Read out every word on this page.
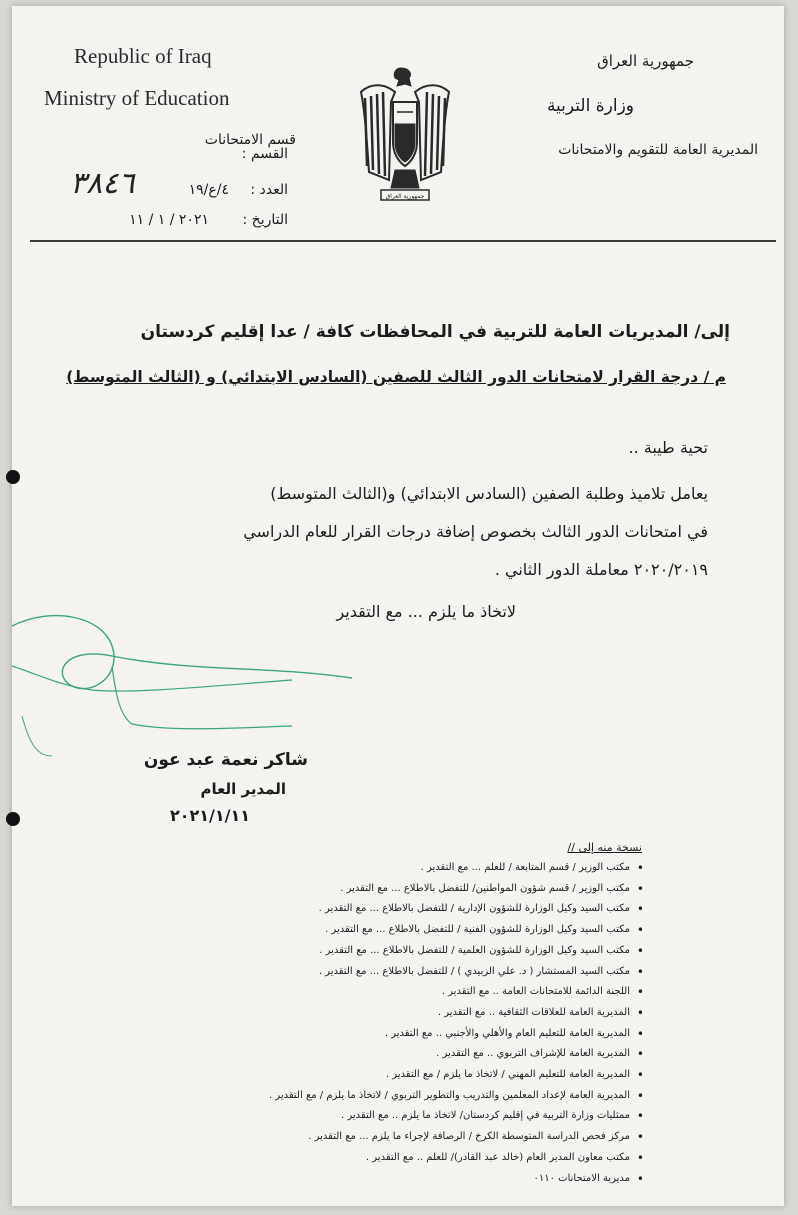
Republic of Iraq
Ministry of Education
جمهورية العراق
وزارة التربية
المديرية العامة للتقويم والامتحانات
قسم الامتحانات
القسم :
العدد :
٤/ع/١٩
٣٨٤٦
التاريخ :
٢٠٢١ / ١ / ١١
جمهورية العراق
إلى/ المديريات العامة للتربية في المحافظات كافة / عدا إقليم كردستان
م / درجة القرار لامتحانات الدور الثالث للصفين (السادس الابتدائي) و (الثالث المتوسط)
تحية طيبة ..
يعامل تلاميذ وطلبة الصفين (السادس الابتدائي) و(الثالث المتوسط)
في امتحانات الدور الثالث بخصوص إضافة درجات القرار للعام الدراسي
٢٠٢٠/٢٠١٩ معاملة الدور الثاني .
لاتخاذ ما يلزم ... مع التقدير
شاكر نعمة عبد عون
المدير العام
٢٠٢١/١/١١
نسخة منه إلى //
• مكتب الوزير / قسم المتابعة / للعلم ... مع التقدير .
• مكتب الوزير / قسم شؤون المواطنين/ للتفضل بالاطلاع ... مع التقدير .
• مكتب السيد وكيل الوزارة للشؤون الإدارية / للتفضل بالاطلاع ... مع التقدير .
• مكتب السيد وكيل الوزارة للشؤون الفنية / للتفضل بالاطلاع ... مع التقدير .
• مكتب السيد وكيل الوزارة للشؤون العلمية / للتفضل بالاطلاع ... مع التقدير .
• مكتب السيد المستشار ( د. علي الزبيدي ) / للتفضل بالاطلاع ... مع التقدير .
• اللجنة الدائمة للامتحانات العامة .. مع التقدير .
• المديرية العامة للعلاقات الثقافية .. مع التقدير .
• المديرية العامة للتعليم العام والأهلي والأجنبي .. مع التقدير .
• المديرية العامة للإشراف التربوي .. مع التقدير .
• المديرية العامة للتعليم المهني / لاتخاذ ما يلزم / مع التقدير .
• المديرية العامة لإعداد المعلمين والتدريب والتطوير التربوي / لاتخاذ ما يلزم / مع التقدير .
• ممثليات وزارة التربية في إقليم كردستان/ لاتخاذ ما يلزم .. مع التقدير .
• مركز فحص الدراسة المتوسطة الكرخ / الرصافة لإجراء ما يلزم ... مع التقدير .
• مكتب معاون المدير العام (خالد عبد القادر)/ للعلم .. مع التقدير .
• مديرية الامتحانات ٠١١٠
